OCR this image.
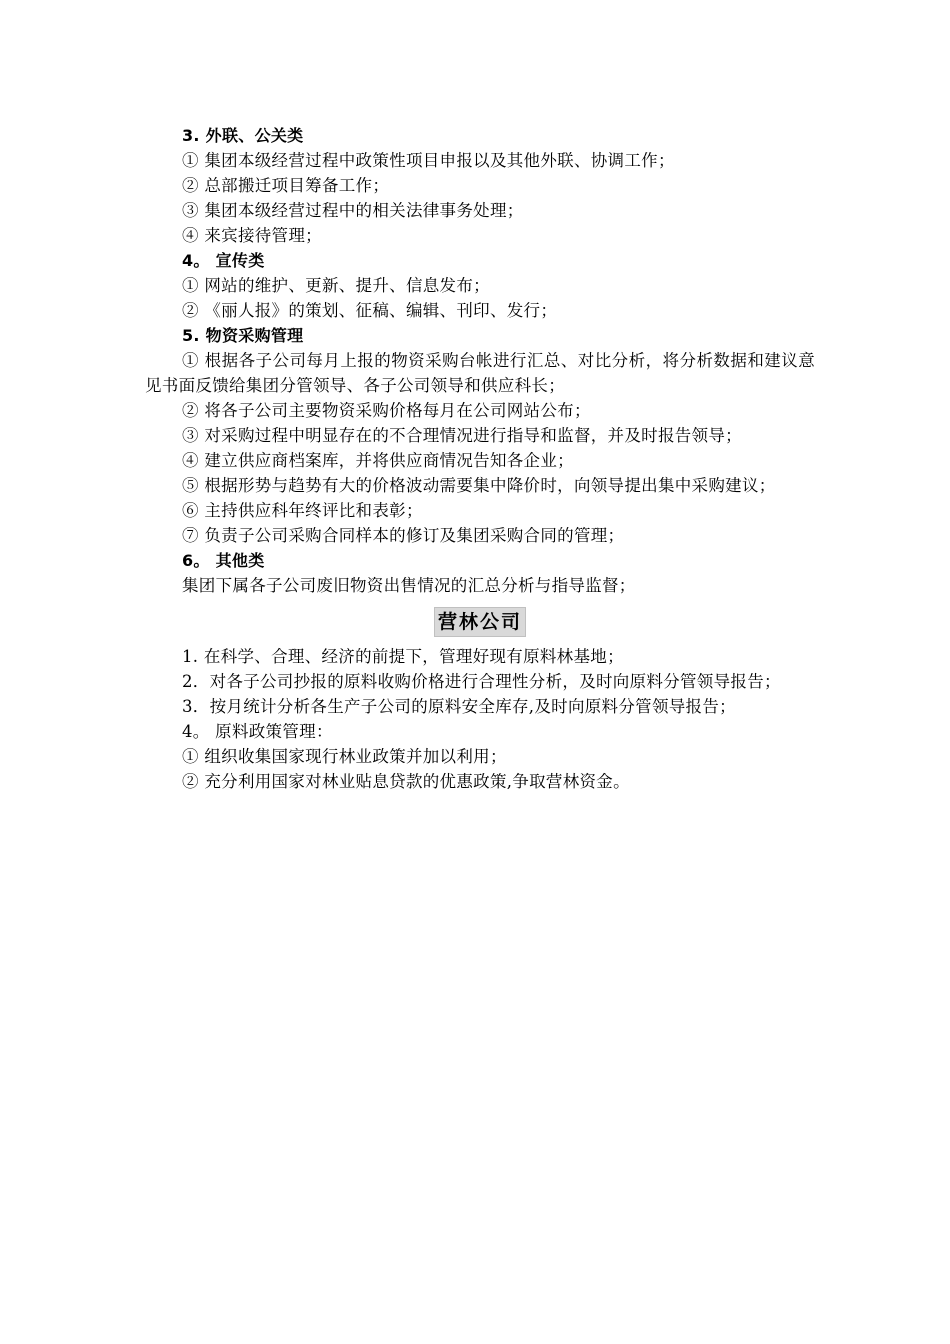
3. 外联、公关类
① 集团本级经营过程中政策性项目申报以及其他外联、协调工作；
② 总部搬迁项目筹备工作；
③ 集团本级经营过程中的相关法律事务处理；
④ 来宾接待管理；
4。 宣传类
① 网站的维护、更新、提升、信息发布；
② 《丽人报》的策划、征稿、编辑、刊印、发行；
5. 物资采购管理
① 根据各子公司每月上报的物资采购台帐进行汇总、对比分析，将分析数据和建议意见书面反馈给集团分管领导、各子公司领导和供应科长；
② 将各子公司主要物资采购价格每月在公司网站公布；
③ 对采购过程中明显存在的不合理情况进行指导和监督，并及时报告领导；
④ 建立供应商档案库，并将供应商情况告知各企业；
⑤ 根据形势与趋势有大的价格波动需要集中降价时，向领导提出集中采购建议；
⑥ 主持供应科年终评比和表彰；
⑦ 负责子公司采购合同样本的修订及集团采购合同的管理；
6。 其他类
集团下属各子公司废旧物资出售情况的汇总分析与指导监督；
营林公司
1. 在科学、合理、经济的前提下，管理好现有原料林基地；
2．对各子公司抄报的原料收购价格进行合理性分析，及时向原料分管领导报告；
3．按月统计分析各生产子公司的原料安全库存,及时向原料分管领导报告；
4。 原料政策管理：
① 组织收集国家现行林业政策并加以利用；
② 充分利用国家对林业贴息贷款的优惠政策,争取营林资金。
